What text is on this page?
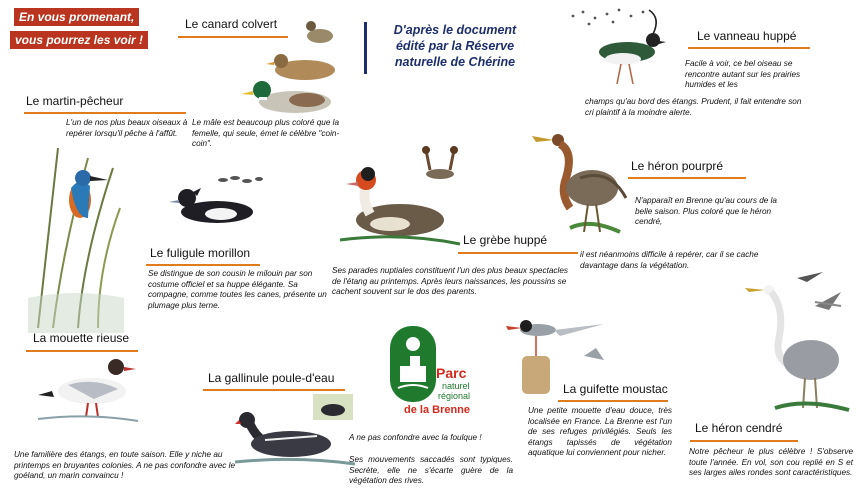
En vous promenant,
vous pourrez les voir !
D'après le document
édité par la Réserve
naturelle de Chérine
Le canard colvert
Le martin-pêcheur
L'un de nos plus beaux oiseaux à repérer lorsqu'il pêche à l'affût.
Le mâle est beaucoup plus coloré que la femelle, qui seule, émet le célèbre "coin-coin".
Le vanneau huppé
Facile à voir, ce bel oiseau se rencontre autant sur les prairies humides et les
champs qu'au bord des étangs. Prudent, il fait entendre son cri plaintif à la moindre alerte.
Le héron pourpré
N'apparaît en Brenne qu'au cours de la belle saison. Plus coloré que le héron cendré,
il est néanmoins difficile à repérer, car il se cache davantage dans la végétation.
Le fuligule morillon
Se distingue de son cousin le milouin par son costume officiel et sa huppe élégante. Sa compagne, comme toutes les canes, présente un plumage plus terne.
Le grèbe huppé
Ses parades nuptiales constituent l'un des plus beaux spectacles de l'étang au printemps. Après leurs naissances, les poussins se cachent souvent sur le dos des parents.
Parc
naturel
régional
de la Brenne
La guifette moustac
Une petite mouette d'eau douce, très localisée en France. La Brenne est l'un de ses refuges privilégiés. Seuls les étangs tapissés de végétation aquatique lui conviennent pour nicher.
Le héron cendré
Notre pêcheur le plus célèbre ! S'observe toute l'année. En vol, son cou replié en S et ses larges ailes rondes sont caractéristiques.
La mouette rieuse
Une familière des étangs, en toute saison. Elle y niche au printemps en bruyantes colonies. A ne pas confondre avec le goéland, un marin convaincu !
La gallinule poule-d'eau
A ne pas confondre avec la foulque !
Ses mouvements saccadés sont typiques. Secrète, elle ne s'écarte guère de la végétation des rives.
